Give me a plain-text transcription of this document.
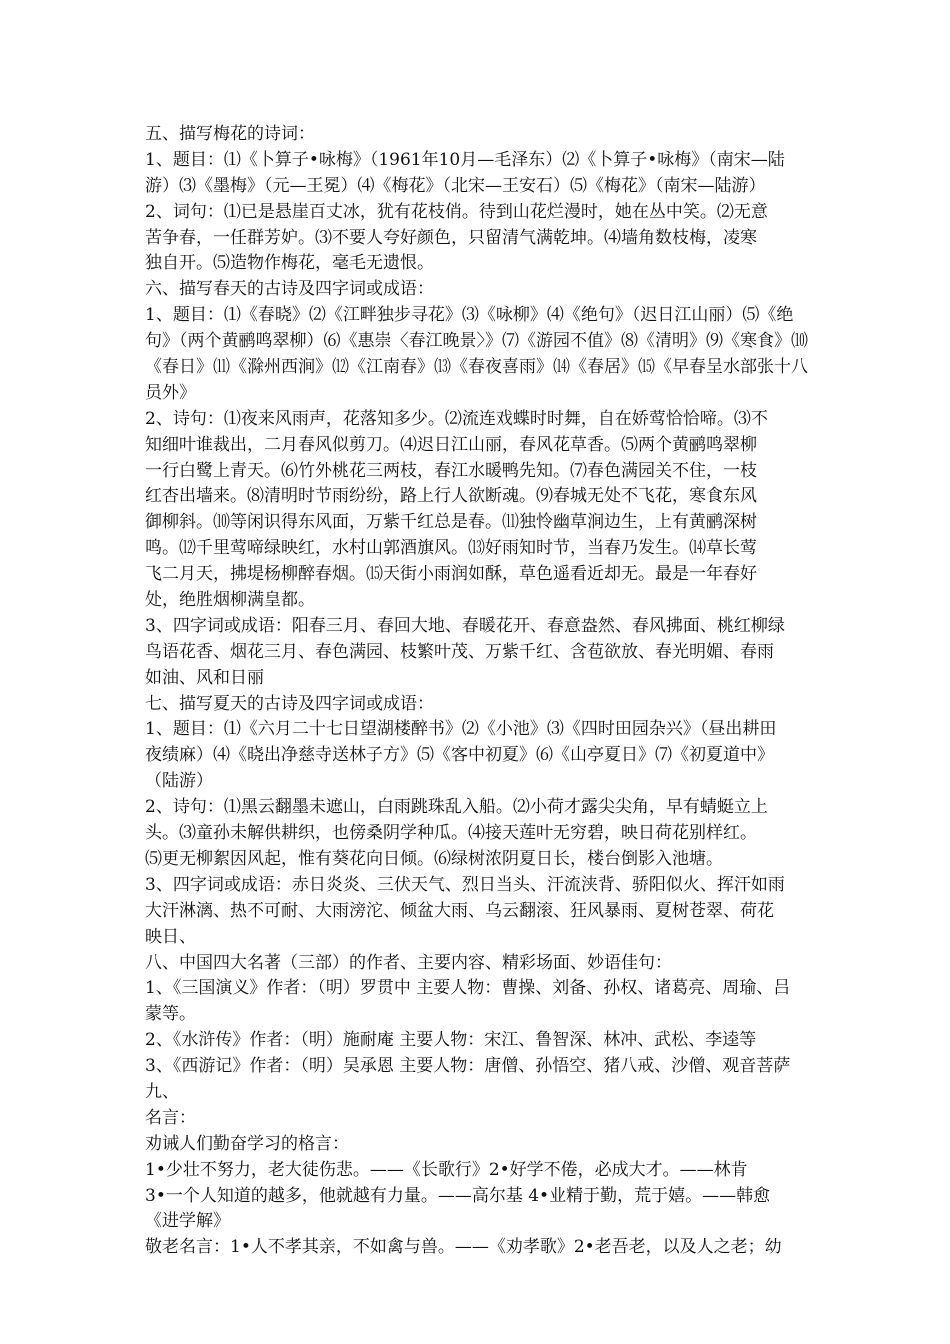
五、描写梅花的诗词：
1、题目：⑴《卜算子•咏梅》（1961年10月—毛泽东）⑵《卜算子•咏梅》（南宋—陆
游）⑶《墨梅》（元—王冕）⑷《梅花》（北宋—王安石）⑸《梅花》（南宋—陆游）
2、词句：⑴已是悬崖百丈冰，犹有花枝俏。待到山花烂漫时，她在丛中笑。⑵无意
苦争春，一任群芳妒。⑶不要人夸好颜色，只留清气满乾坤。⑷墙角数枝梅，凌寒
独自开。⑸造物作梅花，毫毛无遗恨。
六、描写春天的古诗及四字词或成语：
1、题目：⑴《春晓》⑵《江畔独步寻花》⑶《咏柳》⑷《绝句》（迟日江山丽）⑸《绝
句》（两个黄鹂鸣翠柳）⑹《惠崇〈春江晚景〉》⑺《游园不值》⑻《清明》⑼《寒食》⑽
《春日》⑾《滁州西涧》⑿《江南春》⒀《春夜喜雨》⒁《春居》⒂《早春呈水部张十八
员外》
2、诗句：⑴夜来风雨声，花落知多少。⑵流连戏蝶时时舞，自在娇莺恰恰啼。⑶不
知细叶谁裁出，二月春风似剪刀。⑷迟日江山丽，春风花草香。⑸两个黄鹂鸣翠柳
一行白鹭上青天。⑹竹外桃花三两枝，春江水暖鸭先知。⑺春色满园关不住，一枝
红杏出墙来。⑻清明时节雨纷纷，路上行人欲断魂。⑼春城无处不飞花，寒食东风
御柳斜。⑽等闲识得东风面，万紫千红总是春。⑾独怜幽草涧边生，上有黄鹂深树
鸣。⑿千里莺啼绿映红，水村山郭酒旗风。⒀好雨知时节，当春乃发生。⒁草长莺
飞二月天，拂堤杨柳醉春烟。⒂天街小雨润如酥，草色遥看近却无。最是一年春好
处，绝胜烟柳满皇都。
3、四字词或成语：阳春三月、春回大地、春暖花开、春意盎然、春风拂面、桃红柳绿
鸟语花香、烟花三月、春色满园、枝繁叶茂、万紫千红、含苞欲放、春光明媚、春雨
如油、风和日丽
七、描写夏天的古诗及四字词或成语：
1、题目：⑴《六月二十七日望湖楼醉书》⑵《小池》⑶《四时田园杂兴》（昼出耕田
夜绩麻）⑷《晓出净慈寺送林子方》⑸《客中初夏》⑹《山亭夏日》⑺《初夏道中》
（陆游）
2、诗句：⑴黑云翻墨未遮山，白雨跳珠乱入船。⑵小荷才露尖尖角，早有蜻蜓立上
头。⑶童孙未解供耕织，也傍桑阴学种瓜。⑷接天莲叶无穷碧，映日荷花别样红。
⑸更无柳絮因风起，惟有葵花向日倾。⑹绿树浓阴夏日长，楼台倒影入池塘。
3、四字词或成语：赤日炎炎、三伏天气、烈日当头、汗流浃背、骄阳似火、挥汗如雨
大汗淋漓、热不可耐、大雨滂沱、倾盆大雨、乌云翻滚、狂风暴雨、夏树苍翠、荷花
映日、
八、中国四大名著（三部）的作者、主要内容、精彩场面、妙语佳句：
1、《三国演义》作者：（明）罗贯中 主要人物：曹操、刘备、孙权、诸葛亮、周瑜、吕
蒙等。
2、《水浒传》作者：（明）施耐庵 主要人物：宋江、鲁智深、林冲、武松、李逵等
3、《西游记》作者：（明）吴承恩 主要人物：唐僧、孙悟空、猪八戒、沙僧、观音菩萨
九、
名言：
劝诫人们勤奋学习的格言：
1•少壮不努力，老大徒伤悲。——《长歌行》2•好学不倦，必成大才。——林肯
3•一个人知道的越多，他就越有力量。——高尔基 4•业精于勤，荒于嬉。——韩愈
《进学解》
敬老名言：1•人不孝其亲，不如禽与兽。——《劝孝歌》2•老吾老，以及人之老；幼
